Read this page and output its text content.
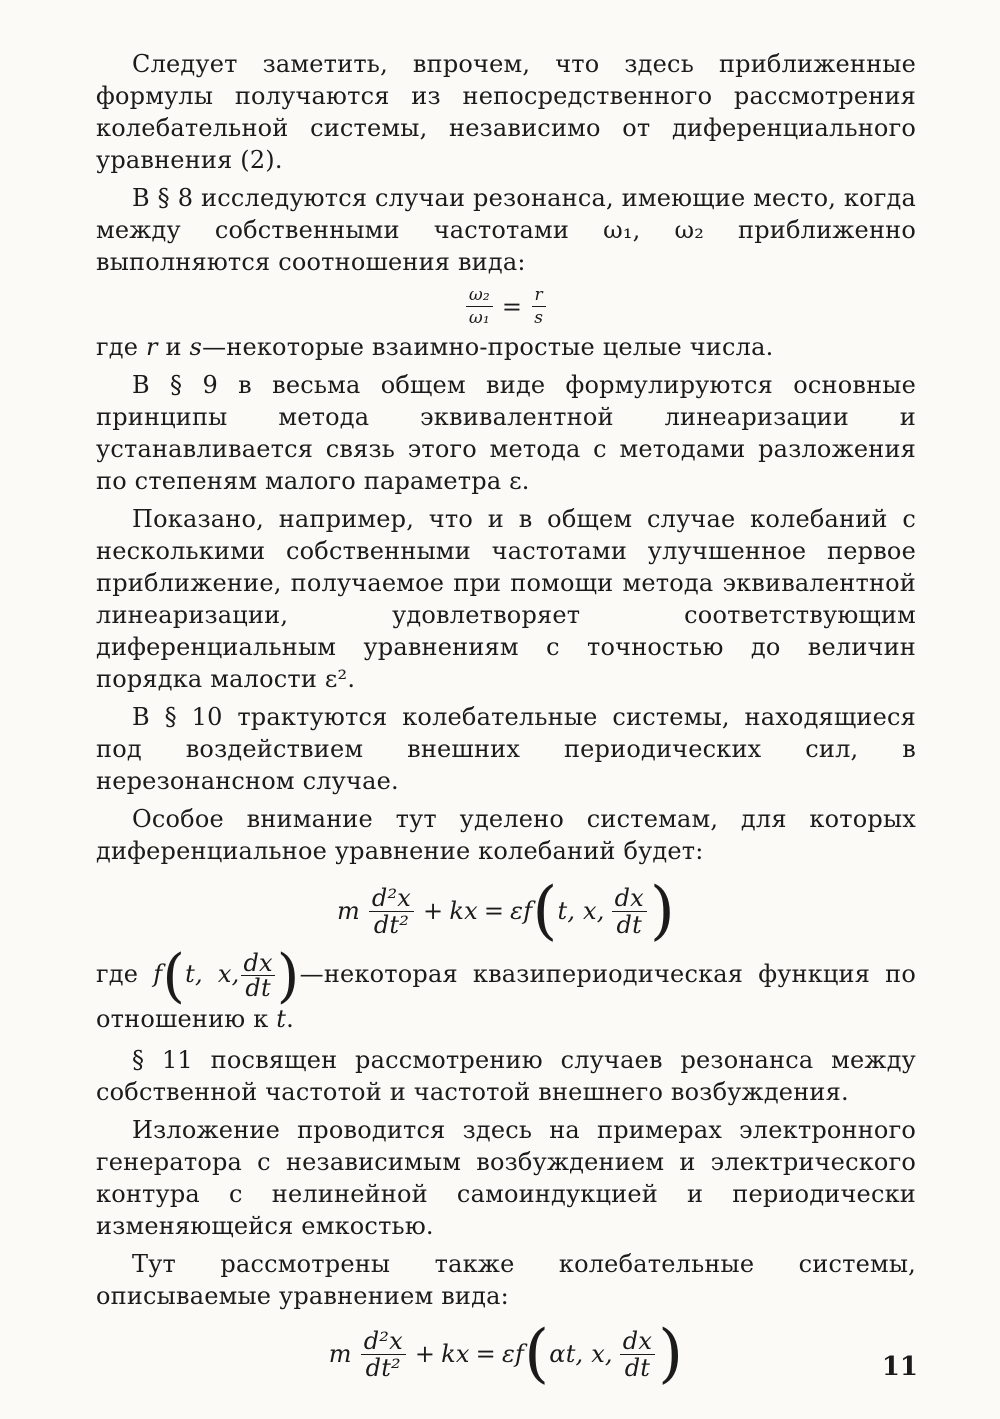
Следует заметить, впрочем, что здесь приближенные формулы получаются из непосредственного рассмотрения колебательной системы, независимо от диференциального уравнения (2).

В § 8 исследуются случаи резонанса, имеющие место, когда между собственными частотами ω₁, ω₂ приближенно выполняются соотношения вида:

$\frac{\text{ω₂}}{\text{ω₁}} = \frac{r}{s}$

где r и s—некоторые взаимно-простые целые числа.

В § 9 в весьма общем виде формулируются основные принципы метода эквивалентной линеаризации и устанавливается связь этого метода с методами разложения по степеням малого параметра ε.

Показано, например, что и в общем случае колебаний с несколькими собственными частотами улучшенное первое приближение, получаемое при помощи метода эквивалентной линеаризации, удовлетворяет соответствующим диференциальным уравнениям с точностью до величин порядка малости ε².

В § 10 трактуются колебательные системы, находящиеся под воздействием внешних периодических сил, в нерезонансном случае.

Особое внимание тут уделено системам, для которых диференциальное уравнение колебаний будет:

m $\frac{\text{d²x}}{\text{dt²}}$ + kx = εf ( t, x, $\frac{dx}{dt}$ )

где f(t, x, $\frac{dx}{dt}$ )—некоторая квазипериодическая функция по отношению к t.

§ 11 посвящен рассмотрению случаев резонанса между собственной частотой и частотой внешнего возбуждения.

Изложение проводится здесь на примерах электронного генератора с независимым возбуждением и электрического контура с нелинейной самоиндукцией и периодически изменяющейся емкостью.

Тут рассмотрены также колебательные системы, описываемые уравнением вида:

m $\frac{\text{d²x}}{\text{dt²}}$ + kx = εf ( αt, x, $\frac{dx}{dt}$ )	11
